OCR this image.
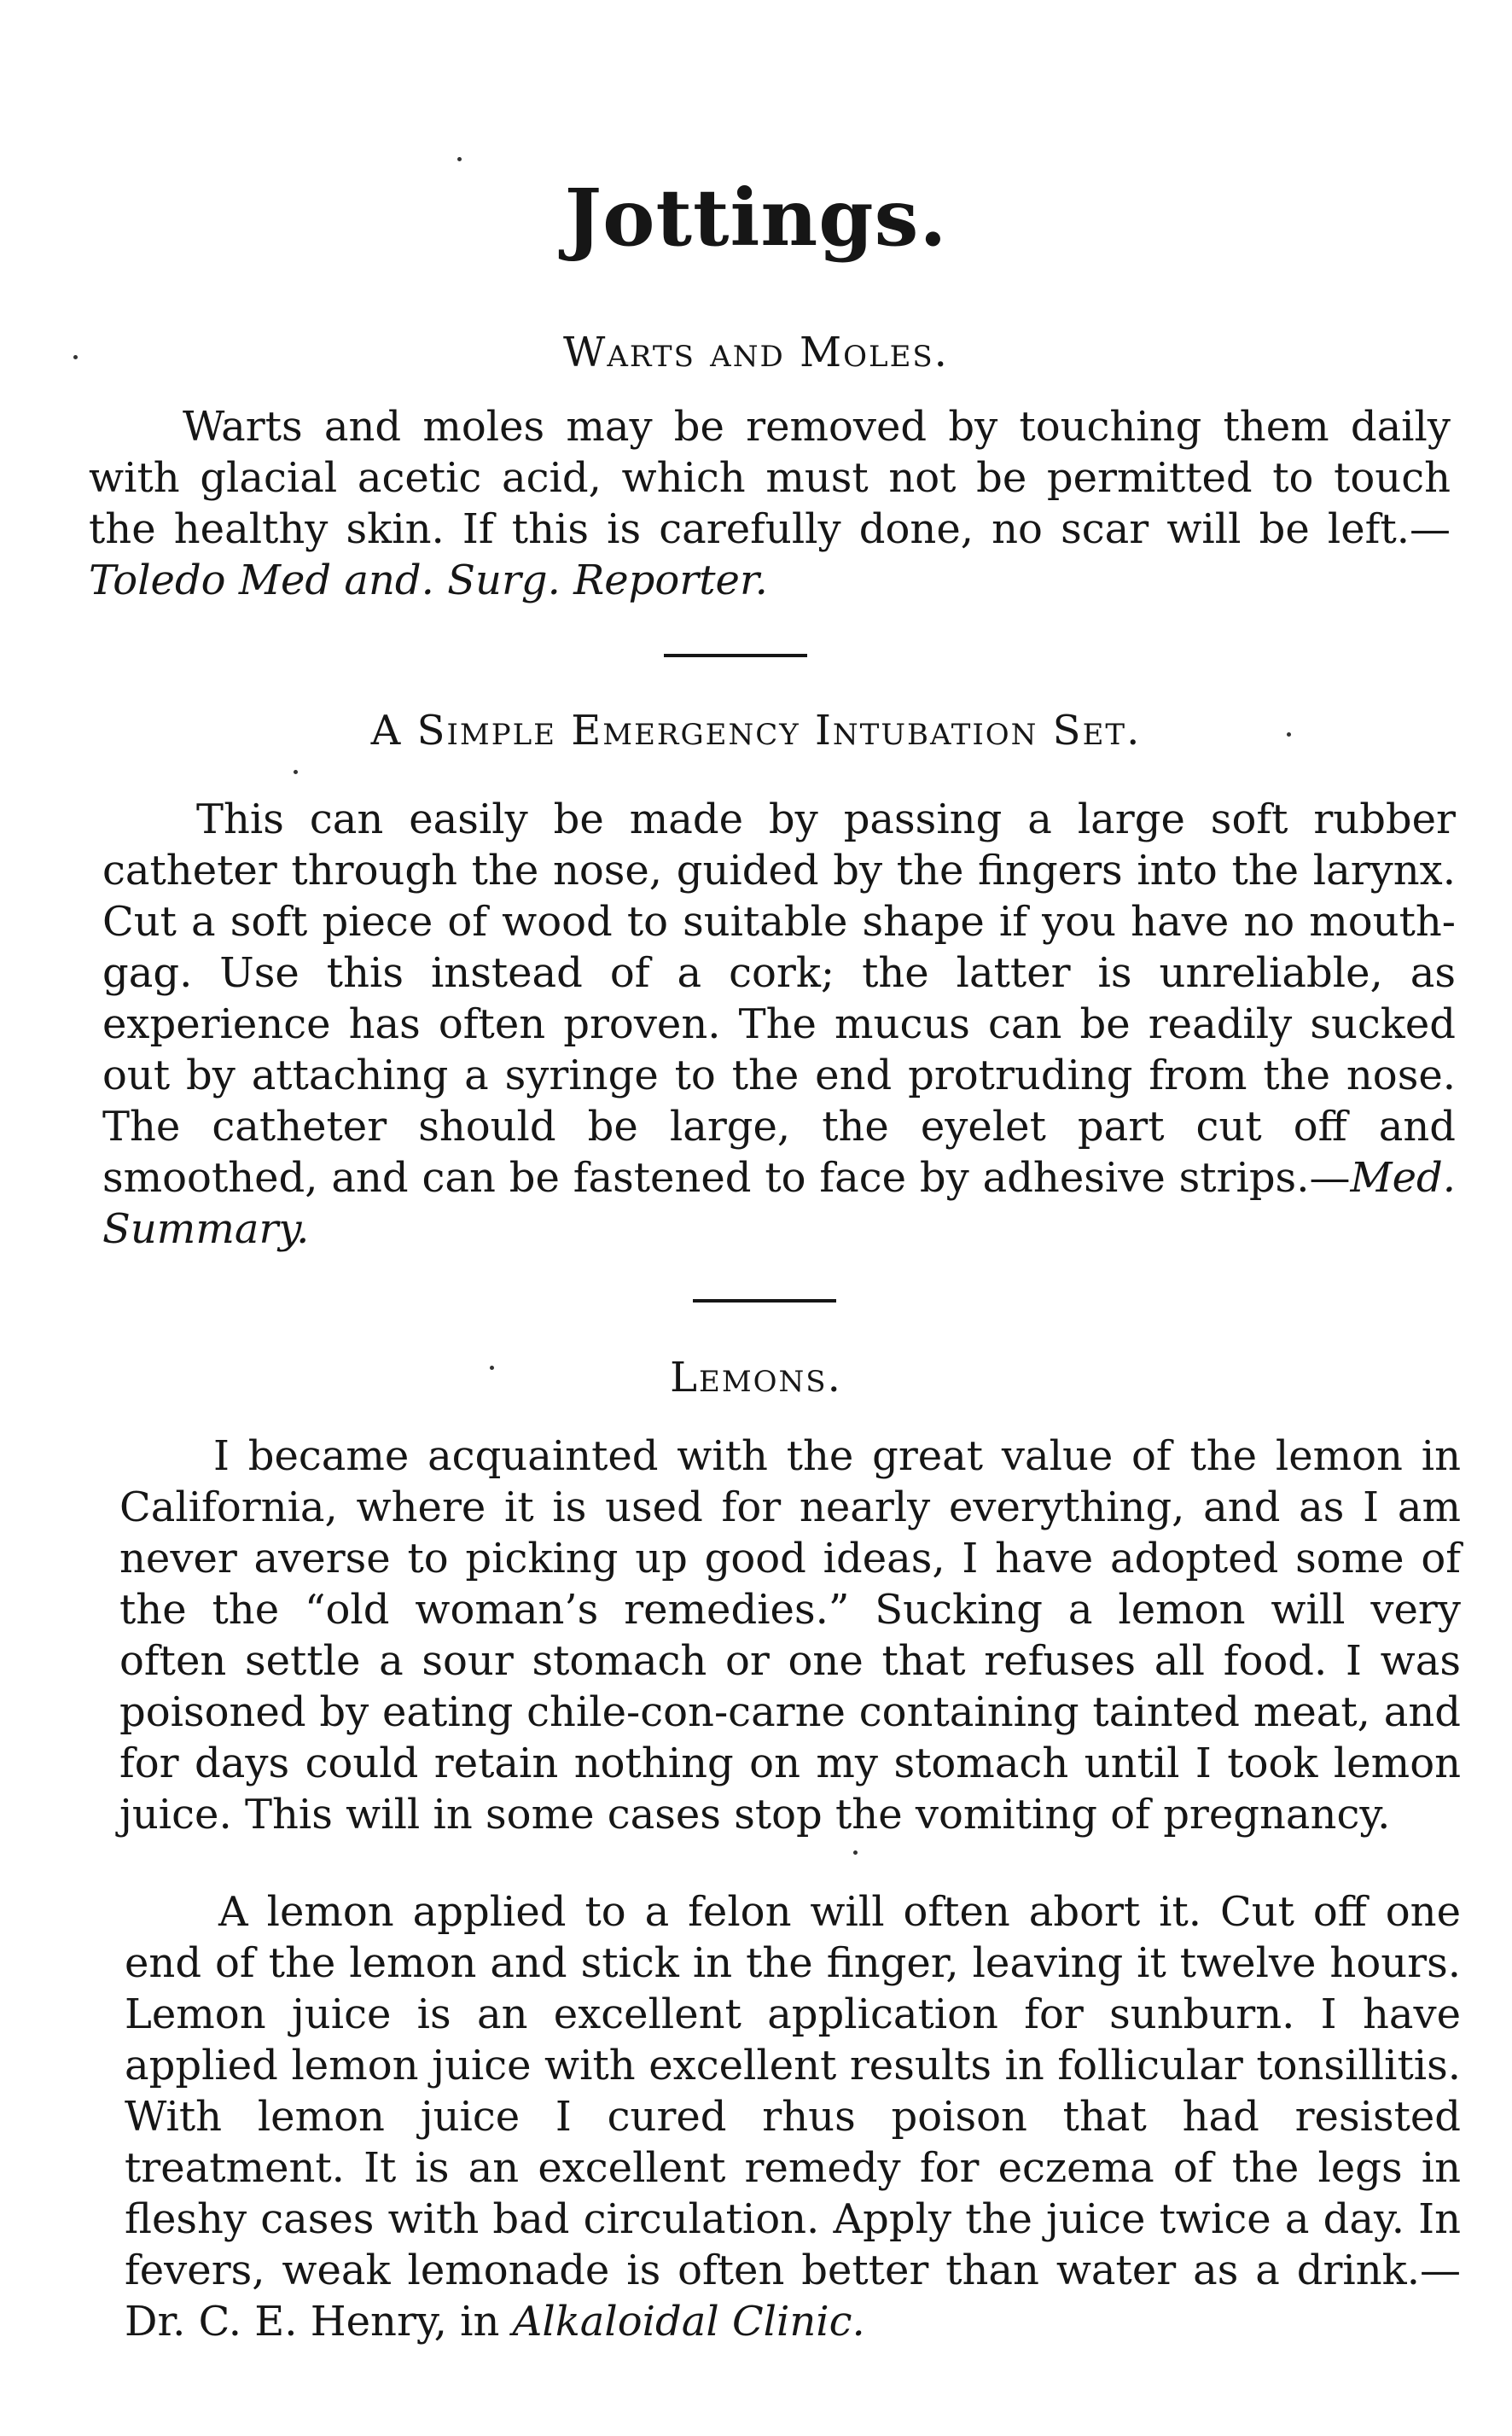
Jottings.
Warts and Moles.

Warts and moles may be removed by touching them daily with glacial acetic acid, which must not be permitted to touch the healthy skin. If this is carefully done, no scar will be left.—Toledo Med and. Surg. Reporter.

A Simple Emergency Intubation Set.

This can easily be made by passing a large soft rubber catheter through the nose, guided by the fingers into the larynx. Cut a soft piece of wood to suitable shape if you have no mouth-gag. Use this instead of a cork; the latter is unreliable, as experience has often proven. The mucus can be readily sucked out by attaching a syringe to the end protruding from the nose. The catheter should be large, the eyelet part cut off and smoothed, and can be fastened to face by adhesive strips.—Med. Summary.

Lemons.

I became acquainted with the great value of the lemon in California, where it is used for nearly everything, and as I am never averse to picking up good ideas, I have adopted some of the the “old woman’s remedies.” Sucking a lemon will very often settle a sour stomach or one that refuses all food. I was poisoned by eating chile-con-carne containing tainted meat, and for days could retain nothing on my stomach until I took lemon juice. This will in some cases stop the vomiting of pregnancy.

A lemon applied to a felon will often abort it. Cut off one end of the lemon and stick in the finger, leaving it twelve hours. Lemon juice is an excellent application for sunburn. I have applied lemon juice with excellent results in follicular tonsillitis. With lemon juice I cured rhus poison that had resisted treatment. It is an excellent remedy for eczema of the legs in fleshy cases with bad circulation. Apply the juice twice a day. In fevers, weak lemonade is often better than water as a drink.—Dr. C. E. Henry, in Alkaloidal Clinic.
